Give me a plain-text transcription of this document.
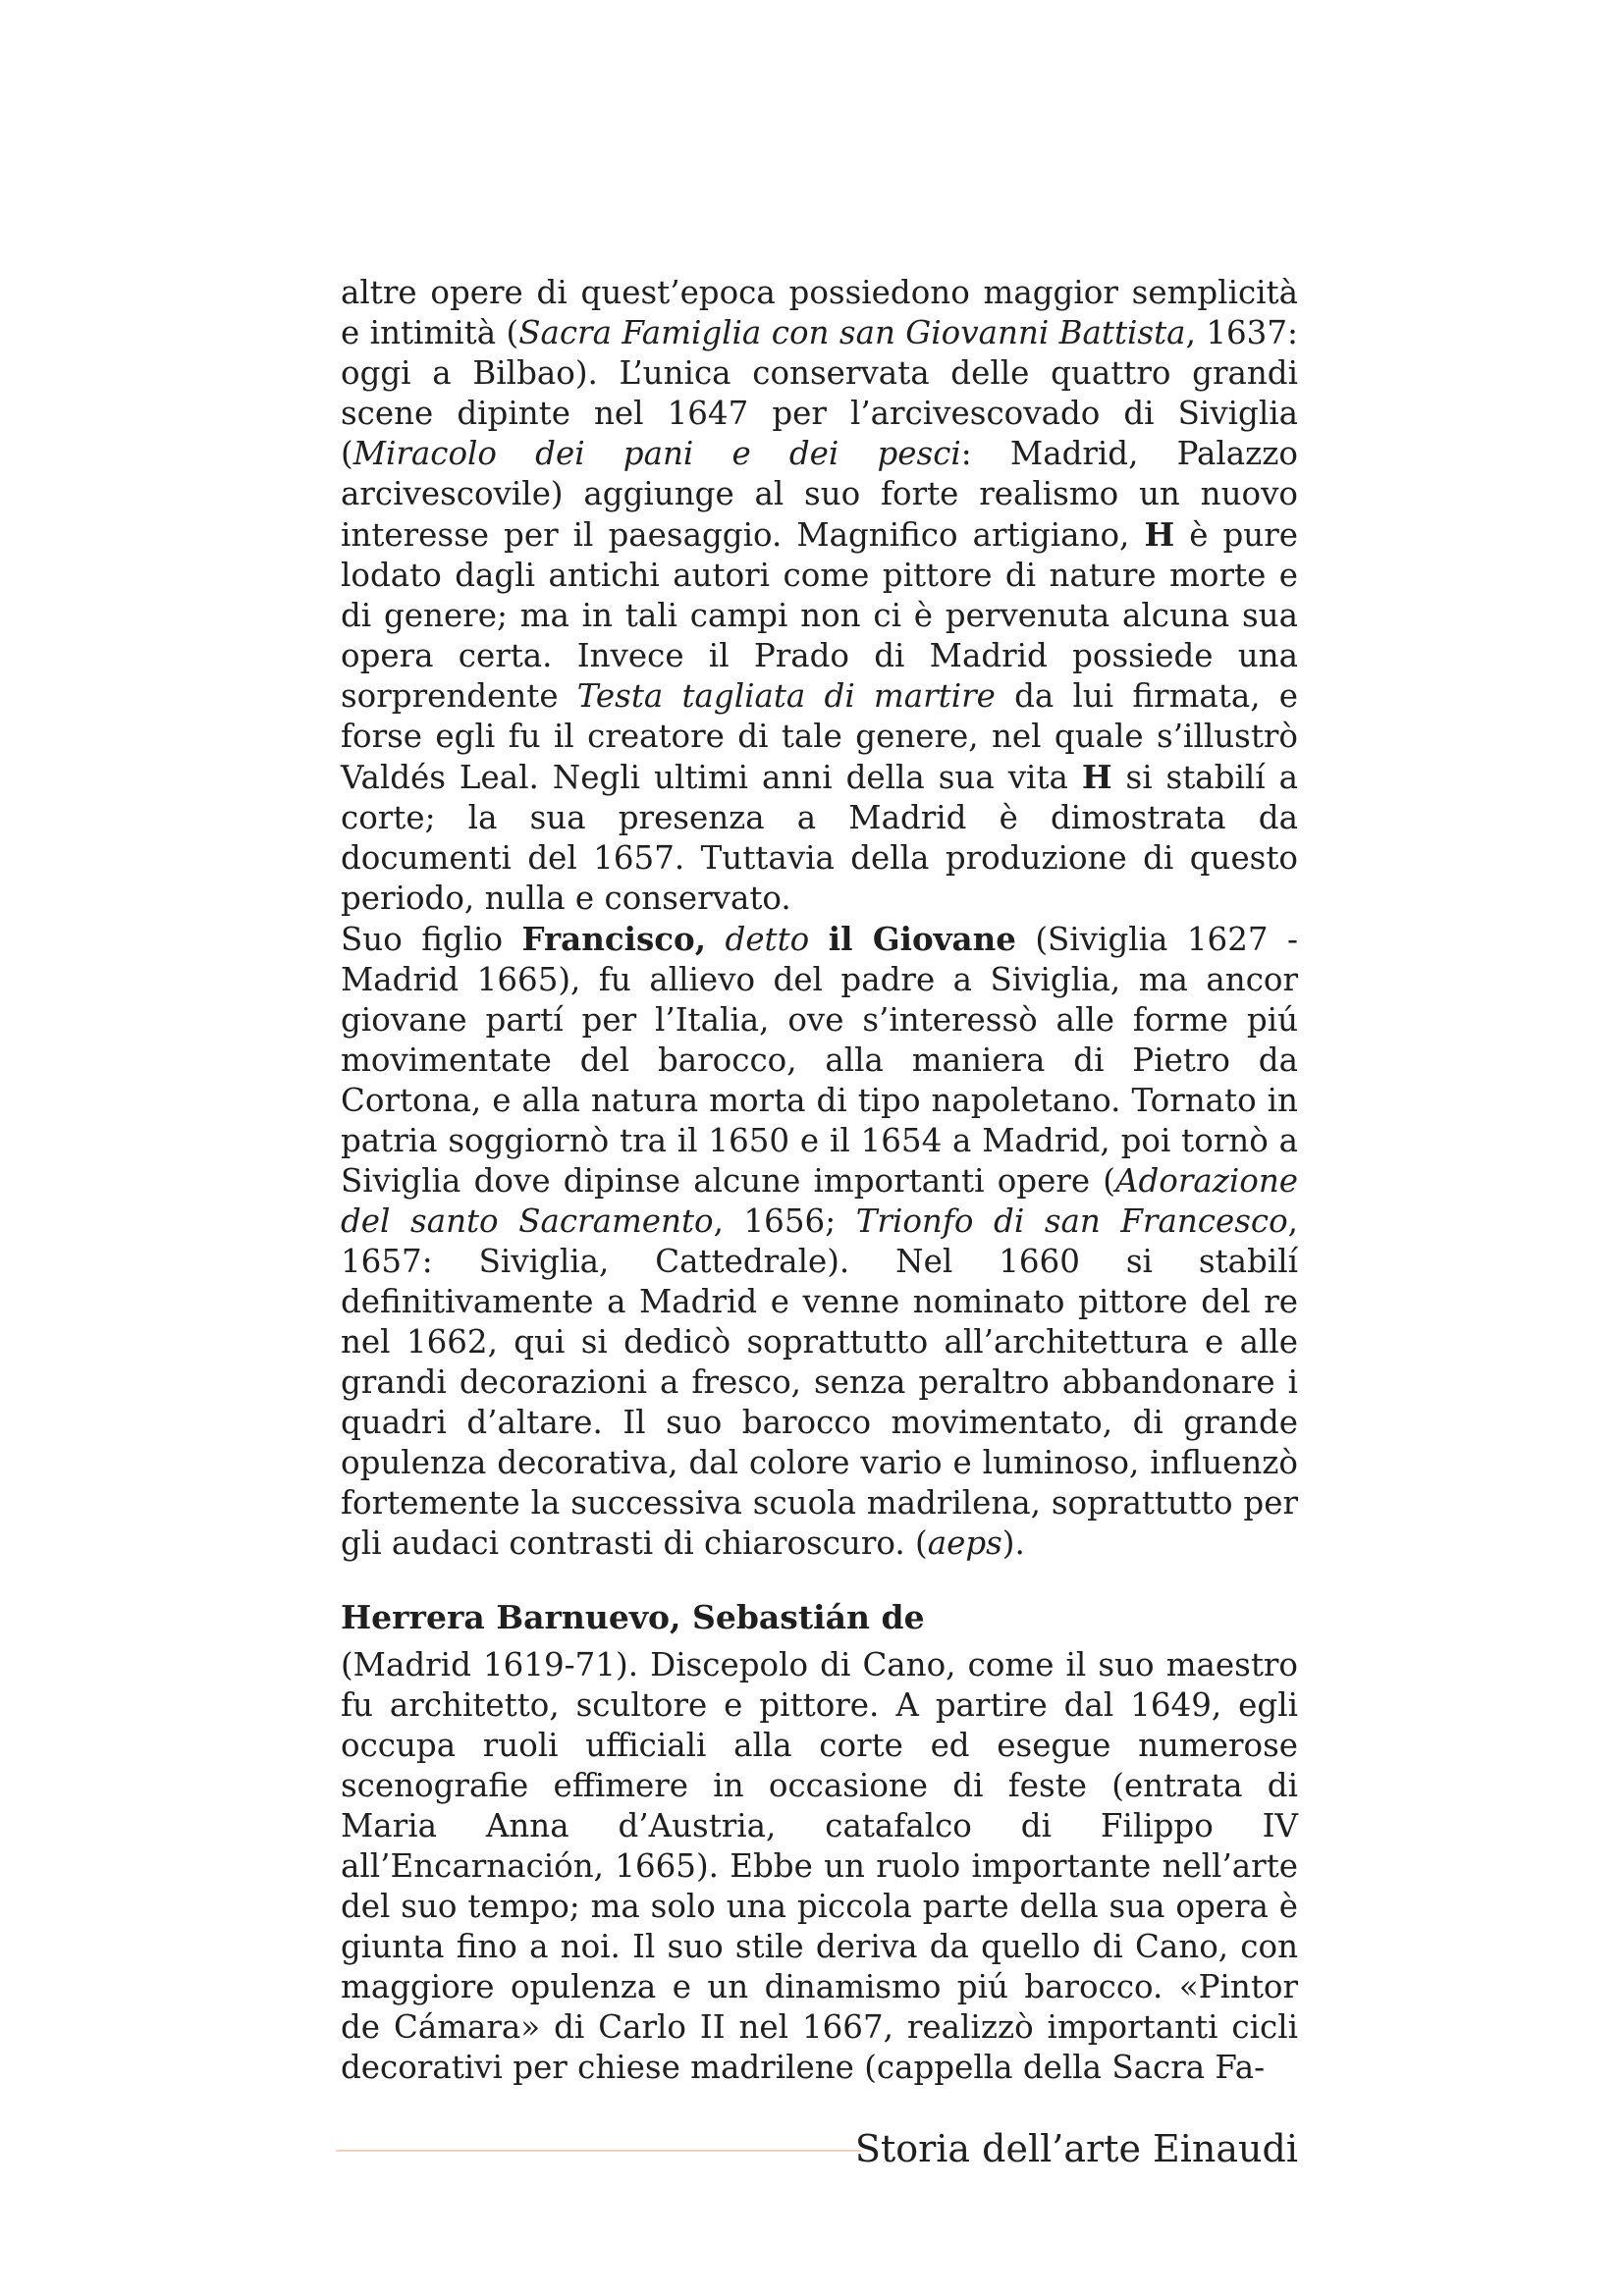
altre opere di quest’epoca possiedono maggior semplicità e intimità (Sacra Famiglia con san Giovanni Battista, 1637: oggi a Bilbao). L’unica conservata delle quattro grandi scene dipinte nel 1647 per l’arcivescovado di Siviglia (Miracolo dei pani e dei pesci: Madrid, Palazzo arcivescovile) aggiunge al suo forte realismo un nuovo interesse per il paesaggio. Magnifico artigiano, H è pure lodato dagli antichi autori come pittore di nature morte e di genere; ma in tali campi non ci è pervenuta alcuna sua opera certa. Invece il Prado di Madrid possiede una sorprendente Testa tagliata di martire da lui firmata, e forse egli fu il creatore di tale genere, nel quale s’illustrò Valdés Leal. Negli ultimi anni della sua vita H si stabilí a corte; la sua presenza a Madrid è dimostrata da documenti del 1657. Tuttavia della produzione di questo periodo, nulla e conservato.

Suo figlio Francisco, detto il Giovane (Siviglia 1627 - Madrid 1665), fu allievo del padre a Siviglia, ma ancor giovane partí per l’Italia, ove s’interessò alle forme piú movimentate del barocco, alla maniera di Pietro da Cortona, e alla natura morta di tipo napoletano. Tornato in patria soggiornò tra il 1650 e il 1654 a Madrid, poi tornò a Siviglia dove dipinse alcune importanti opere (Adorazione del santo Sacramento, 1656; Trionfo di san Francesco, 1657: Siviglia, Cattedrale). Nel 1660 si stabilí definitivamente a Madrid e venne nominato pittore del re nel 1662, qui si dedicò soprattutto all’architettura e alle grandi decorazioni a fresco, senza peraltro abbandonare i quadri d’altare. Il suo barocco movimentato, di grande opulenza decorativa, dal colore vario e luminoso, influenzò fortemente la successiva scuola madrilena, soprattutto per gli audaci contrasti di chiaroscuro. (aeps).

Herrera Barnuevo, Sebastián de

(Madrid 1619-71). Discepolo di Cano, come il suo maestro fu architetto, scultore e pittore. A partire dal 1649, egli occupa ruoli ufficiali alla corte ed esegue numerose scenografie effimere in occasione di feste (entrata di Maria Anna d’Austria, catafalco di Filippo IV all’Encarnación, 1665). Ebbe un ruolo importante nell’arte del suo tempo; ma solo una piccola parte della sua opera è giunta fino a noi. Il suo stile deriva da quello di Cano, con maggiore opulenza e un dinamismo piú barocco. «Pintor de Cámara» di Carlo II nel 1667, realizzò importanti cicli decorativi per chiese madrilene (cappella della Sacra Fa-

Storia dell’arte Einaudi
